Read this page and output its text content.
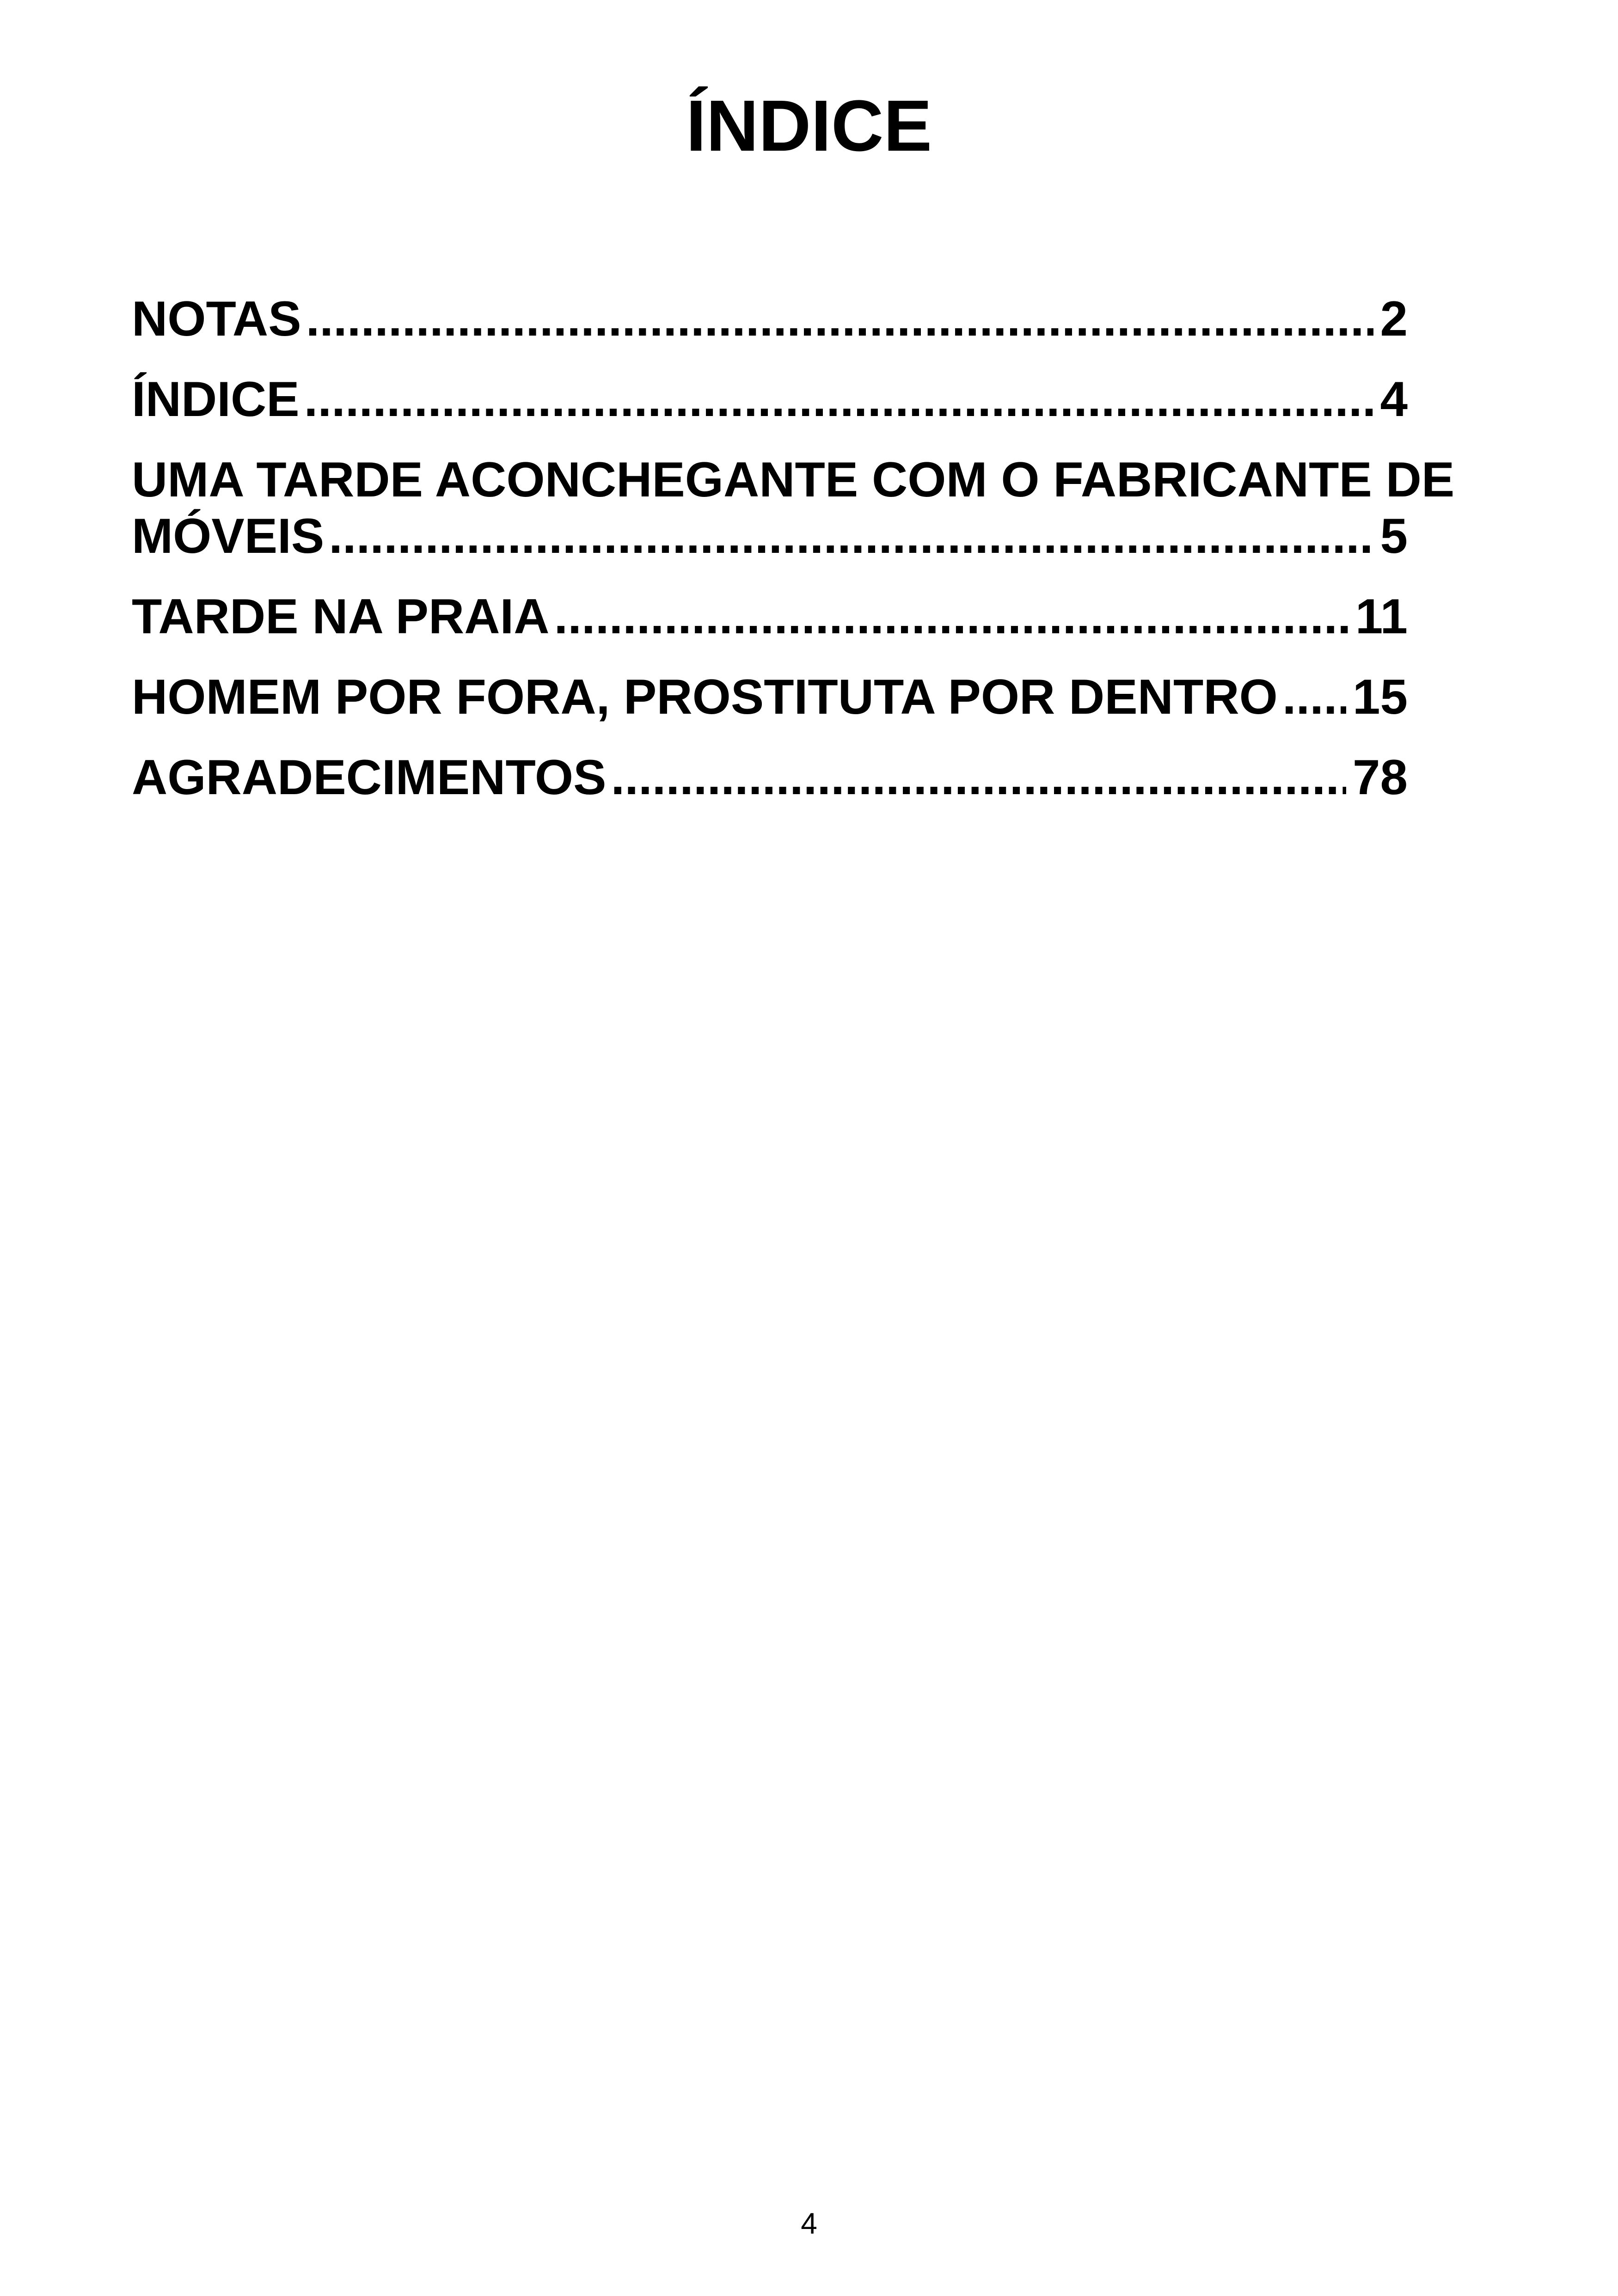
ÍNDICE
NOTAS .....	2
ÍNDICE .....	4
UMA TARDE ACONCHEGANTE COM O FABRICANTE DE
MÓVEIS .....	5
TARDE NA PRAIA .....	11
HOMEM POR FORA, PROSTITUTA POR DENTRO ..... 15
AGRADECIMENTOS .....	78

4
